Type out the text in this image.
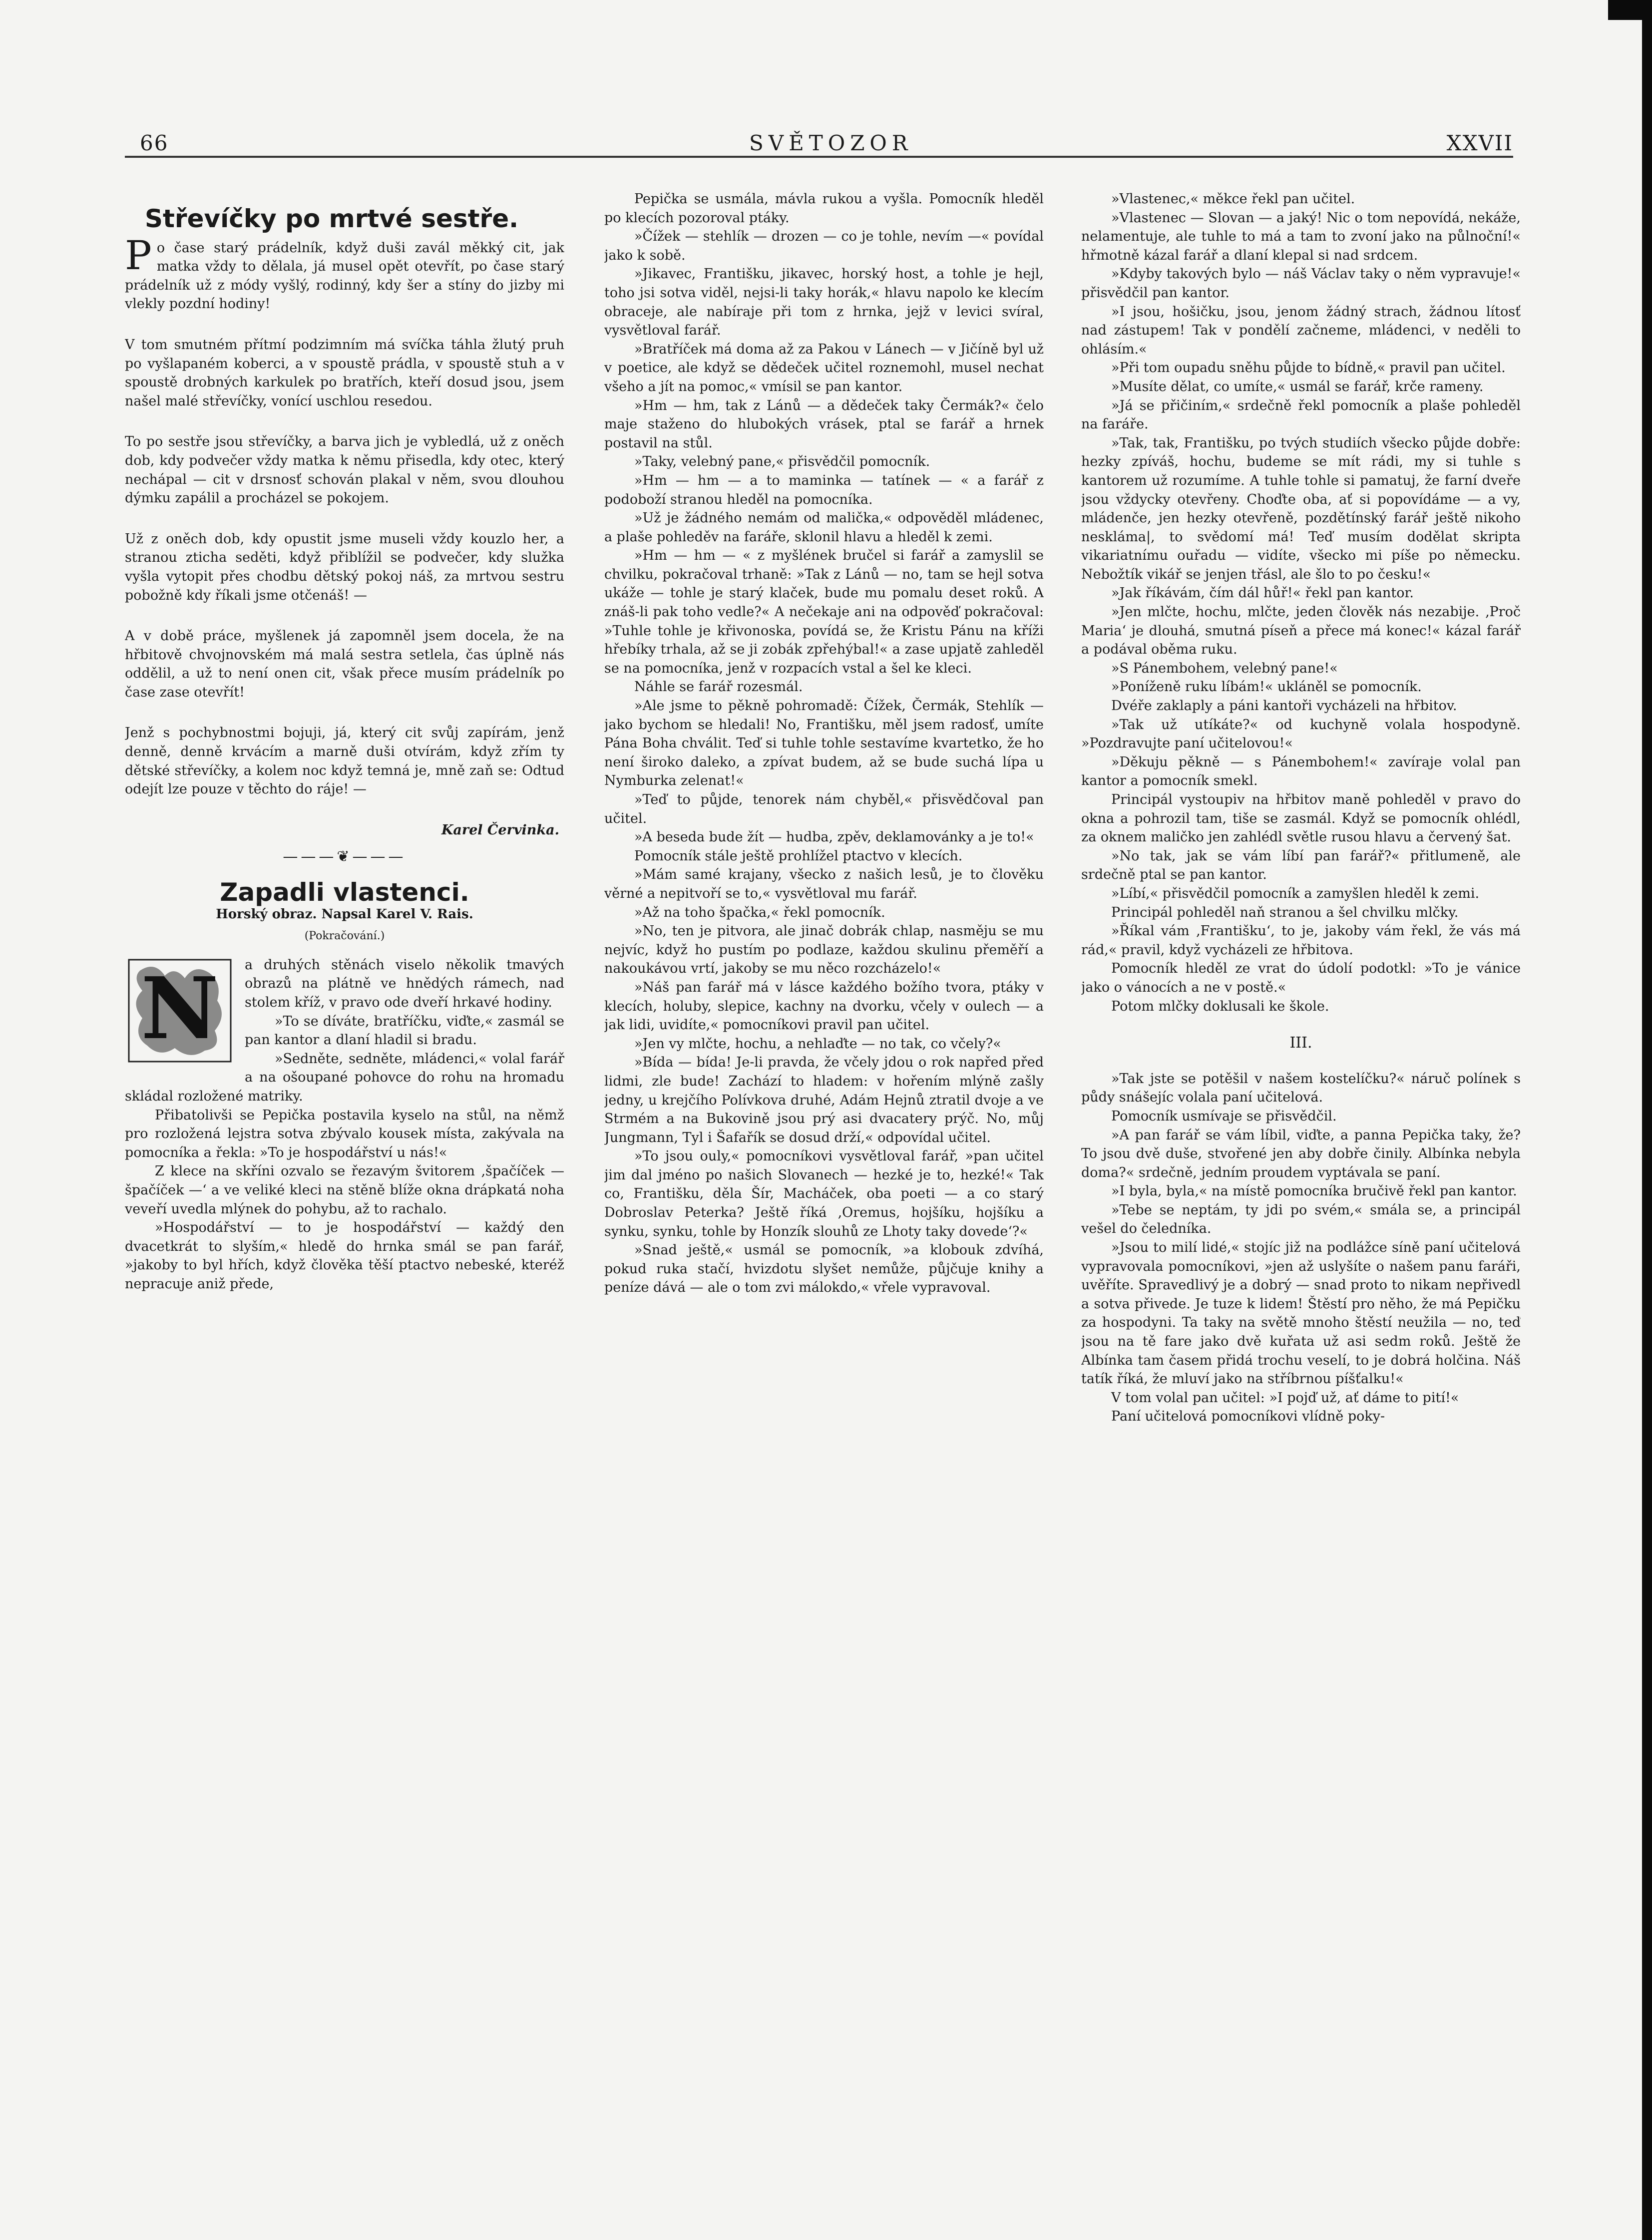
66	SVĚTOZOR	XXVII
Střevíčky po mrtvé sestře.

Po čase starý prádelník, když duši zavál měkký cit, jak matka vždy to dělala, já musel opět otevřít, po čase starý prádelník už z módy vyšlý, rodinný, kdy šer a stíny do jizby mi vlekly pozdní hodiny!

V tom smutném přítmí podzimním má svíčka táhla žlutý pruh po vyšlapaném koberci, a v spoustě prádla, v spoustě stuh a v spoustě drobných karkulek po bratřích, kteří dosud jsou, jsem našel malé střevíčky, vonící uschlou resedou.

To po sestře jsou střevíčky, a barva jich je vybledlá, už z oněch dob, kdy podvečer vždy matka k němu přisedla, kdy otec, který nechápal — cit v drsnosť schován plakal v něm, svou dlouhou dýmku zapálil a procházel se pokojem.

Už z oněch dob, kdy opustit jsme museli vždy kouzlo her, a stranou zticha seděti, když přiblížil se podvečer, kdy služka vyšla vytopit přes chodbu dětský pokoj náš, za mrtvou sestru pobožně kdy říkali jsme otčenáš! —

A v době práce, myšlenek já zapomněl jsem docela, že na hřbitově chvojnovském má malá sestra setlela, čas úplně nás oddělil, a už to není onen cit, však přece musím prádelník po čase zase otevřít!

Jenž s pochybnostmi bojuji, já, který cit svůj zapírám, jenž denně, denně krvácím a marně duši otvírám, když zřím ty dětské střevíčky, a kolem noc když temná je, mně zaň se: Odtud odejít lze pouze v těchto do ráje! —

Karel Červinka.
———❦———
Zapadli vlastenci.

Horský obraz. Napsal Karel V. Rais.

(Pokračování.)

N	a druhých stěnách viselo několik tmavých obrazů na plátně ve hnědých rámech, nad stolem kříž, v pravo ode dveří hrkavé hodiny.

»To se díváte, bratříčku, viďte,« zasmál se pan kantor a dlaní hladil si bradu.

»Sedněte, sedněte, mládenci,« volal farář a na ošoupané pohovce do rohu na hromadu skládal rozložené matriky.

Přibatolivši se Pepička postavila kyselo na stůl, na němž pro rozložená lejstra sotva zbývalo kousek místa, zakývala na pomocníka a řekla: »To je hospodářství u nás!«

Z klece na skříni ozvalo se řezavým švitorem ‚špačíček — špačíček —‘ a ve veliké kleci na stěně blíže okna drápkatá noha veveří uvedla mlýnek do pohybu, až to rachalo.

»Hospodářství — to je hospodářství — každý den dvacetkrát to slyším,« hledě do hrnka smál se pan farář, »jakoby to byl hřích, když člověka těší ptactvo nebeské, kteréž nepracuje aniž přede,

Pepička se usmála, mávla rukou a vyšla. Pomocník hleděl po klecích pozoroval ptáky.

»Čížek — stehlík — drozen — co je tohle, nevím —« povídal jako k sobě.

»Jikavec, Františku, jikavec, horský host, a tohle je hejl, toho jsi sotva viděl, nejsi-li taky horák,« hlavu napolo ke klecím obraceje, ale nabíraje při tom z hrnka, jejž v levici svíral, vysvětloval farář.

»Bratříček má doma až za Pakou v Lánech — v Jičíně byl už v poetice, ale když se dědeček učitel roznemohl, musel nechat všeho a jít na pomoc,« vmísil se pan kantor.

»Hm — hm, tak z Lánů — a dědeček taky Čermák?« čelo maje staženo do hlubokých vrásek, ptal se farář a hrnek postavil na stůl.

»Taky, velebný pane,« přisvědčil pomocník.

»Hm — hm — a to maminka — tatínek — « a farář z podoboží stranou hleděl na pomocníka.

»Už je žádného nemám od malička,« odpověděl mládenec, a plaše pohleděv na faráře, sklonil hlavu a hleděl k zemi.

»Hm — hm — « z myšlének bručel si farář a zamyslil se chvilku, pokračoval trhaně: »Tak z Lánů — no, tam se hejl sotva ukáže — tohle je starý klaček, bude mu pomalu deset roků. A znáš-li pak toho vedle?« A nečekaje ani na odpověď pokračoval: »Tuhle tohle je křivonoska, povídá se, že Kristu Pánu na kříži hřebíky trhala, až se ji zobák zpřehýbal!« a zase upjatě zahleděl se na pomocníka, jenž v rozpacích vstal a šel ke kleci.

Náhle se farář rozesmál.

»Ale jsme to pěkně pohromadě: Čížek, Čermák, Stehlík — jako bychom se hledali! No, Františku, měl jsem radosť, umíte Pána Boha chválit. Teď si tuhle tohle sestavíme kvartetko, že ho není široko daleko, a zpívat budem, až se bude suchá lípa u Nymburka zelenat!«

»Teď to půjde, tenorek nám chyběl,« přisvědčoval pan učitel.

»A beseda bude žít — hudba, zpěv, deklamovánky a je to!«

Pomocník stále ještě prohlížel ptactvo v klecích.

»Mám samé krajany, všecko z našich lesů, je to člověku věrné a nepitvoří se to,« vysvětloval mu farář.

»Až na toho špačka,« řekl pomocník.

»No, ten je pitvora, ale jinač dobrák chlap, nasměju se mu nejvíc, když ho pustím po podlaze, každou skulinu přeměří a nakoukávou vrtí, jakoby se mu něco rozcházelo!«

»Náš pan farář má v lásce každého božího tvora, ptáky v klecích, holuby, slepice, kachny na dvorku, včely v oulech — a jak lidi, uvidíte,« pomocníkovi pravil pan učitel.

»Jen vy mlčte, hochu, a nehlaďte — no tak, co včely?«

»Bída — bída! Je-li pravda, že včely jdou o rok napřed před lidmi, zle bude! Zachází to hladem: v hořením mlýně zašly jedny, u krejčího Polívkova druhé, Adám Hejnů ztratil dvoje a ve Strmém a na Bukovině jsou prý asi dvacatery prýč. No, můj Jungmann, Tyl i Šafařík se dosud drží,« odpovídal učitel.

»To jsou ouly,« pomocníkovi vysvětloval farář, »pan učitel jim dal jméno po našich Slovanech — hezké je to, hezké!« Tak co, Františku, děla Šír, Macháček, oba poeti — a co starý Dobroslav Peterka? Ještě říká ‚Oremus, hojšíku, hojšíku a synku, synku, tohle by Honzík slouhů ze Lhoty taky dovede‘?«

»Snad ještě,« usmál se pomocník, »a klobouk zdvíhá, pokud ruka stačí, hvizdotu slyšet nemůže, půjčuje knihy a peníze dává — ale o tom zvi málokdo,« vřele vypravoval.

»Vlastenec,« měkce řekl pan učitel.

»Vlastenec — Slovan — a jaký! Nic o tom nepovídá, nekáže, nelamentuje, ale tuhle to má a tam to zvoní jako na půlnoční!« hřmotně kázal farář a dlaní klepal si nad srdcem.

»Kdyby takových bylo — náš Václav taky o něm vypravuje!« přisvědčil pan kantor.

»I jsou, hošičku, jsou, jenom žádný strach, žádnou lítosť nad zástupem! Tak v pondělí začneme, mládenci, v neděli to ohlásím.«

»Při tom oupadu sněhu půjde to bídně,« pravil pan učitel.

»Musíte dělat, co umíte,« usmál se farář, krče rameny.

»Já se přičiním,« srdečně řekl pomocník a plaše pohleděl na faráře.

»Tak, tak, Františku, po tvých studiích všecko půjde dobře: hezky zpíváš, hochu, budeme se mít rádi, my si tuhle s kantorem už rozumíme. A tuhle tohle si pamatuj, že farní dveře jsou vždycky otevřeny. Choďte oba, ať si popovídáme — a vy, mládenče, jen hezky otevřeně, pozdětínský farář ještě nikoho neskláma|, to svědomí má! Teď musím dodělat skripta vikariatnímu ouřadu — vidíte, všecko mi píše po německu. Nebožtík vikář se jenjen třásl, ale šlo to po česku!«

»Jak říkávám, čím dál hůř!« řekl pan kantor.

»Jen mlčte, hochu, mlčte, jeden člověk nás nezabije. ‚Proč Maria‘ je dlouhá, smutná píseň a přece má konec!« kázal farář a podával oběma ruku.

»S Pánembohem, velebný pane!«

»Poníženě ruku líbám!« ukláněl se pomocník.

Dvéře zaklaply a páni kantoři vycházeli na hřbitov.

»Tak už utíkáte?« od kuchyně volala hospodyně. »Pozdravujte paní učitelovou!«

»Děkuju pěkně — s Pánembohem!« zavíraje volal pan kantor a pomocník smekl.

Principál vystoupiv na hřbitov maně pohleděl v pravo do okna a pohrozil tam, tiše se zasmál. Když se pomocník ohlédl, za oknem maličko jen zahlédl světle rusou hlavu a červený šat.

»No tak, jak se vám líbí pan farář?« přitlumeně, ale srdečně ptal se pan kantor.

»Líbí,« přisvědčil pomocník a zamyšlen hleděl k zemi.

Principál pohleděl naň stranou a šel chvilku mlčky.

»Říkal vám ‚Františku‘, to je, jakoby vám řekl, že vás má rád,« pravil, když vycházeli ze hřbitova.

Pomocník hleděl ze vrat do údolí podotkl: »To je vánice jako o vánocích a ne v postě.«

Potom mlčky doklusali ke škole.

III.

»Tak jste se potěšil v našem kostelíčku?« náruč polínek s půdy snášejíc volala paní učitelová.

Pomocník usmívaje se přisvědčil.

»A pan farář se vám líbil, viďte, a panna Pepička taky, že? To jsou dvě duše, stvořené jen aby dobře činily. Albínka nebyla doma?« srdečně, jedním proudem vyptávala se paní.

»I byla, byla,« na místě pomocníka bručivě řekl pan kantor.

»Tebe se neptám, ty jdi po svém,« smála se, a principál vešel do čeledníka.

»Jsou to milí lidé,« stojíc již na podlážce síně paní učitelová vypravovala pomocníkovi, »jen až uslyšíte o našem panu faráři, uvěříte. Spravedlivý je a dobrý — snad proto to nikam nepřivedl a sotva přivede. Je tuze k lidem! Štěstí pro něho, že má Pepičku za hospodyni. Ta taky na světě mnoho štěstí neužila — no, teď jsou na tě fare jako dvě kuřata už asi sedm roků. Ještě že Albínka tam časem přidá trochu veselí, to je dobrá holčina. Náš tatík říká, že mluví jako na stříbrnou píšťalku!«

V tom volal pan učitel: »I pojď už, ať dáme to pití!«

Paní učitelová pomocníkovi vlídně poky-
